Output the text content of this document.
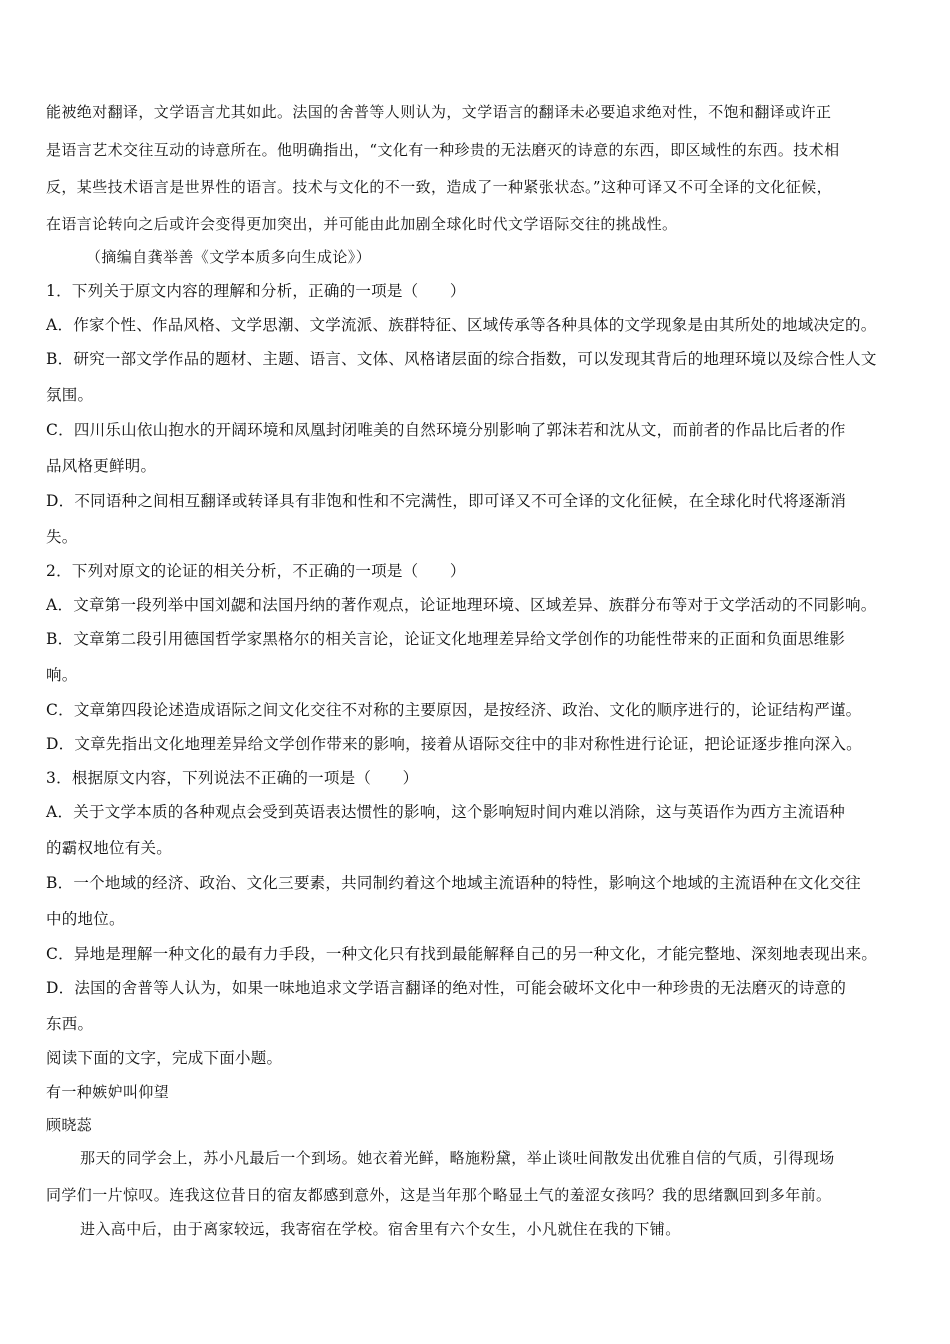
能被绝对翻译，文学语言尤其如此。法国的舍普等人则认为，文学语言的翻译未必要追求绝对性，不饱和翻译或许正
是语言艺术交往互动的诗意所在。他明确指出，“文化有一种珍贵的无法磨灭的诗意的东西，即区域性的东西。技术相
反，某些技术语言是世界性的语言。技术与文化的不一致，造成了一种紧张状态。”这种可译又不可全译的文化征候，
在语言论转向之后或许会变得更加突出，并可能由此加剧全球化时代文学语际交往的挑战性。
（摘编自龚举善《文学本质多向生成论》）
1．下列关于原文内容的理解和分析，正确的一项是（　　）
A．作家个性、作品风格、文学思潮、文学流派、族群特征、区域传承等各种具体的文学现象是由其所处的地域决定的。
B．研究一部文学作品的题材、主题、语言、文体、风格诸层面的综合指数，可以发现其背后的地理环境以及综合性人文
氛围。
C．四川乐山依山抱水的开阔环境和凤凰封闭唯美的自然环境分别影响了郭沫若和沈从文，而前者的作品比后者的作
品风格更鲜明。
D．不同语种之间相互翻译或转译具有非饱和性和不完满性，即可译又不可全译的文化征候，在全球化时代将逐渐消
失。
2．下列对原文的论证的相关分析，不正确的一项是（　　）
A．文章第一段列举中国刘勰和法国丹纳的著作观点，论证地理环境、区域差异、族群分布等对于文学活动的不同影响。
B．文章第二段引用德国哲学家黑格尔的相关言论，论证文化地理差异给文学创作的功能性带来的正面和负面思维影
响。
C．文章第四段论述造成语际之间文化交往不对称的主要原因，是按经济、政治、文化的顺序进行的，论证结构严谨。
D．文章先指出文化地理差异给文学创作带来的影响，接着从语际交往中的非对称性进行论证，把论证逐步推向深入。
3．根据原文内容，下列说法不正确的一项是（　　）
A．关于文学本质的各种观点会受到英语表达惯性的影响，这个影响短时间内难以消除，这与英语作为西方主流语种
的霸权地位有关。
B．一个地域的经济、政治、文化三要素，共同制约着这个地域主流语种的特性，影响这个地域的主流语种在文化交往
中的地位。
C．异地是理解一种文化的最有力手段，一种文化只有找到最能解释自己的另一种文化，才能完整地、深刻地表现出来。
D．法国的舍普等人认为，如果一味地追求文学语言翻译的绝对性，可能会破坏文化中一种珍贵的无法磨灭的诗意的
东西。
阅读下面的文字，完成下面小题。
有一种嫉妒叫仰望
顾晓蕊
那天的同学会上，苏小凡最后一个到场。她衣着光鲜，略施粉黛，举止谈吐间散发出优雅自信的气质，引得现场
同学们一片惊叹。连我这位昔日的宿友都感到意外，这是当年那个略显土气的羞涩女孩吗？我的思绪飘回到多年前。
进入高中后，由于离家较远，我寄宿在学校。宿舍里有六个女生，小凡就住在我的下铺。
